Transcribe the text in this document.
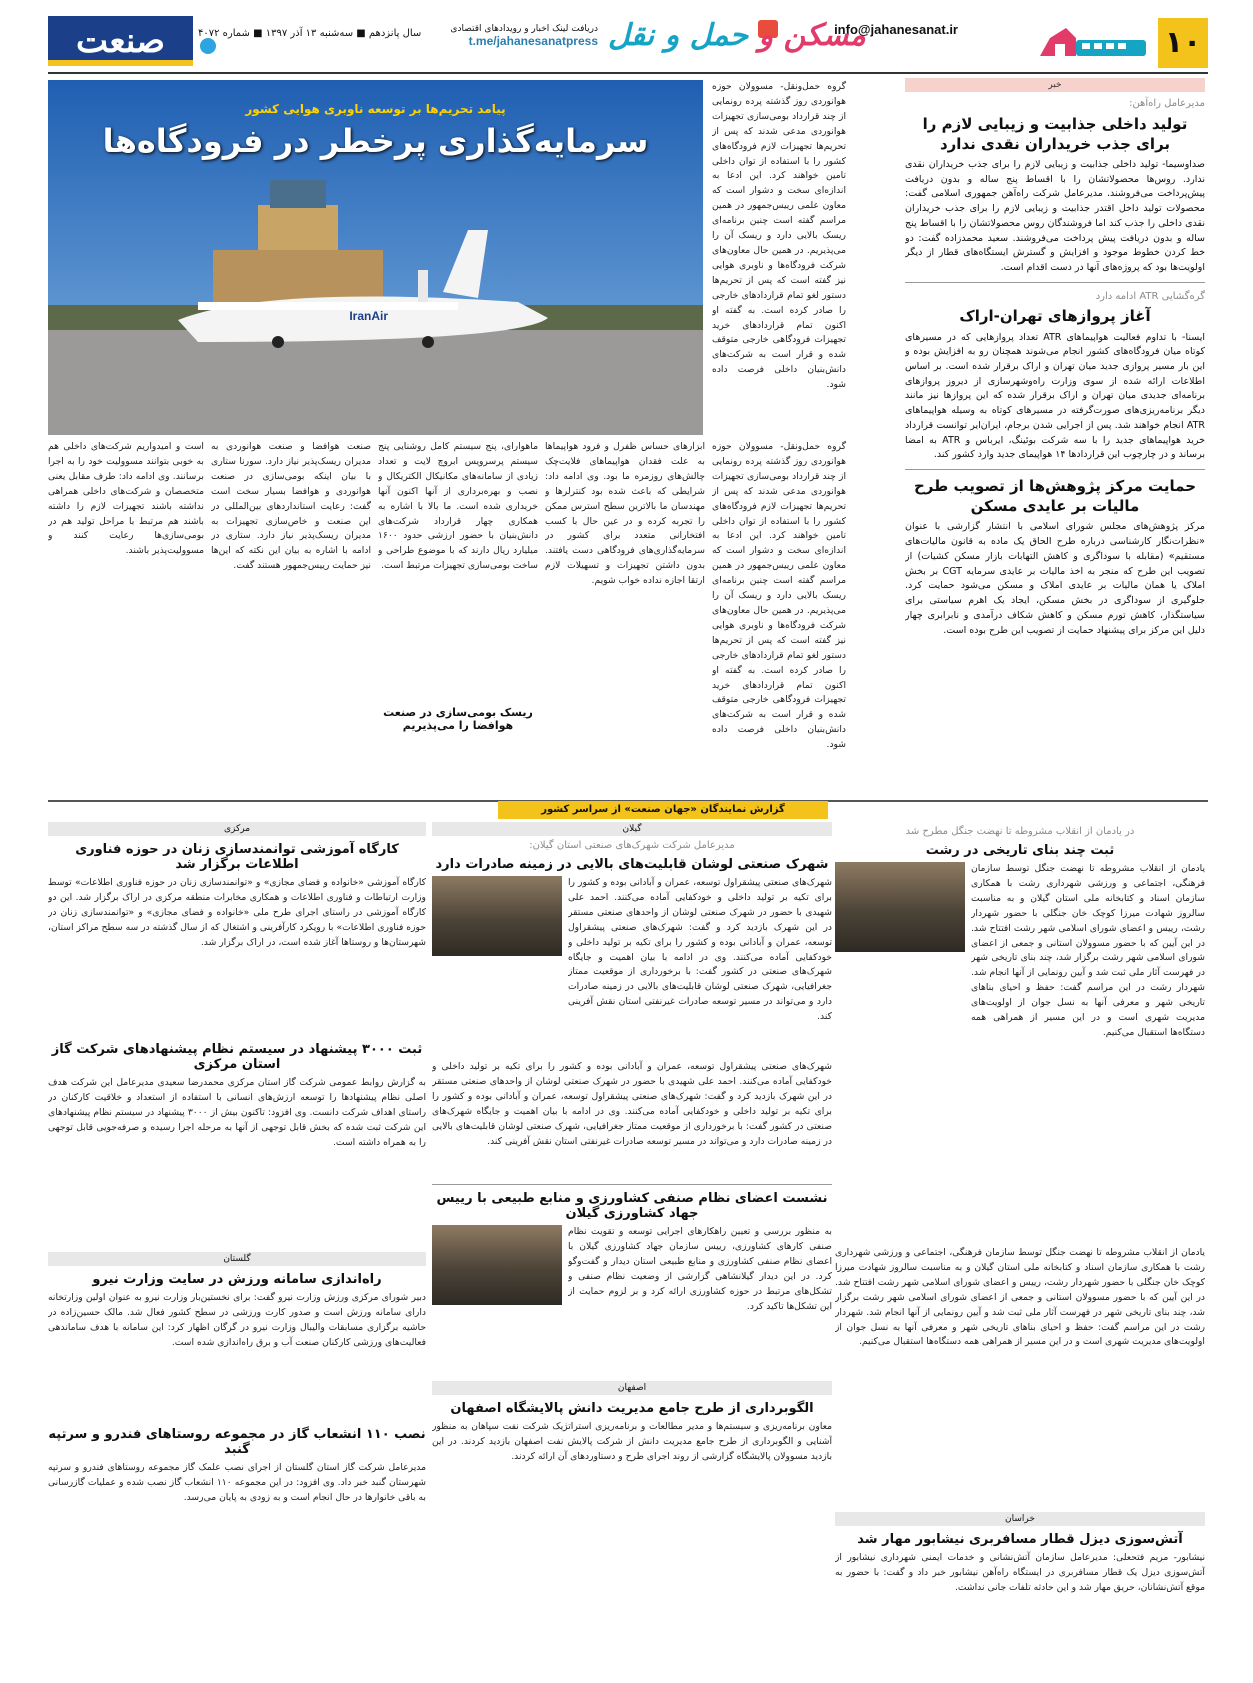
۱۰
info@jahanesanat.ir
مسکن و حمل و نقل
دریافت لینک اخبار و رویدادهای اقتصادی
t.me/jahanesanatpress
سال پانزدهم ■ سه‌شنبه ۱۳ آذر ۱۳۹۷ ■ شماره ۴۰۷۲
صنعت
خبر
مدیرعامل راه‌آهن:
تولید داخلی جذابیت و زیبایی لازم را برای جذب خریداران نقدی ندارد

صداوسیما- تولید داخلی جذابیت و زیبایی لازم را برای جذب خریداران نقدی ندارد. روس‌ها محصولاتشان را با اقساط پنج ساله و بدون دریافت پیش‌پرداخت می‌فروشند. مدیرعامل شرکت راه‌آهن جمهوری اسلامی گفت: محصولات تولید داخل اقتدر جذابیت و زیبایی لازم را برای جذب خریداران نقدی داخلی را جذب کند اما فروشندگان روس محصولاتشان را با اقساط پنج ساله و بدون دریافت پیش پرداخت می‌فروشند. سعید محمدزاده گفت: دو خط کردن خطوط موجود و افزایش و گسترش ایستگاه‌های قطار از دیگر اولویت‌ها بود که پروژه‌های آنها در دست اقدام است.

گره‌گشایی ATR ادامه دارد
آغاز پروازهای تهران-اراک

ایسنا- با تداوم فعالیت هواپیماهای ATR تعداد پروازهایی که در مسیرهای کوتاه میان فرودگاه‌های کشور انجام می‌شوند همچنان رو به افزایش بوده و این بار مسیر پروازی جدید میان تهران و اراک برقرار شده است. بر اساس اطلاعات ارائه شده از سوی وزارت راه‌وشهرسازی از دیروز پروازهای برنامه‌ای جدیدی میان تهران و اراک برقرار شده که این پروازها نیز مانند دیگر برنامه‌ریزی‌های صورت‌گرفته در مسیرهای کوتاه به وسیله هواپیماهای ATR انجام خواهند شد. پس از اجرایی شدن برجام، ایران‌ایر توانست قرارداد خرید هواپیماهای جدید را با سه شرکت بوئینگ، ایرباس و ATR به امضا برساند و در چارچوب این قراردادها ۱۴ هواپیمای جدید وارد کشور کند.

حمایت مرکز پژوهش‌ها از تصویب طرح مالیات بر عایدی مسکن

مرکز پژوهش‌های مجلس شورای اسلامی با انتشار گزارشی با عنوان «نظرات‌نگار کارشناسی درباره طرح الحاق یک ماده به قانون مالیات‌های مستقیم» (مقابله با سوداگری و کاهش التهابات بازار مسکن کشیات) از تصویب این طرح که منجر به اخذ مالیات بر عایدی سرمایه CGT بر بخش املاک یا همان مالیات بر عایدی املاک و مسکن می‌شود حمایت کرد. جلوگیری از سوداگری در بخش مسکن، ایجاد یک اهرم سیاستی برای سیاستگذار، کاهش تورم مسکن و کاهش شکاف درآمدی و نابرابری چهار دلیل این مرکز برای پیشنهاد حمایت از تصویب این طرح بوده است.

IranAir
پیامد تحریم‌ها بر توسعه ناوبری هوایی کشور
سرمایه‌گذاری پرخطر در فرودگاه‌ها
گروه حمل‌ونقل- مسوولان حوزه هوانوردی روز گذشته پرده رونمایی از چند قرارداد بومی‌سازی تجهیزات هوانوردی مدعی شدند که پس از تحریم‌ها تجهیزات لازم فرودگاه‌های کشور را با استفاده از توان داخلی تامین خواهند کرد. این ادعا به اندازه‌ای سخت و دشوار است که معاون علمی رییس‌جمهور در همین مراسم گفته است چنین برنامه‌ای ریسک بالایی دارد و ریسک آن را می‌پذیریم. در همین حال معاون‌های شرکت فرودگاه‌ها و ناوبری هوایی نیز گفته است که پس از تحریم‌ها دستور لغو تمام قراردادهای خارجی را صادر کرده است. به گفته او اکنون تمام قراردادهای خرید تجهیزات فرودگاهی خارجی متوقف شده و قرار است به شرکت‌های دانش‌بنیان داخلی فرصت داده شود.
گروه حمل‌ونقل- مسوولان حوزه هوانوردی روز گذشته پرده رونمایی از چند قرارداد بومی‌سازی تجهیزات هوانوردی مدعی شدند که پس از تحریم‌ها تجهیزات لازم فرودگاه‌های کشور را با استفاده از توان داخلی تامین خواهند کرد. این ادعا به اندازه‌ای سخت و دشوار است که معاون علمی رییس‌جمهور در همین مراسم گفته است چنین برنامه‌ای ریسک بالایی دارد و ریسک آن را می‌پذیریم. در همین حال معاون‌های شرکت فرودگاه‌ها و ناوبری هوایی نیز گفته است که پس از تحریم‌ها دستور لغو تمام قراردادهای خارجی را صادر کرده است. به گفته او اکنون تمام قراردادهای خرید تجهیزات فرودگاهی خارجی متوقف شده و قرار است به شرکت‌های دانش‌بنیان داخلی فرصت داده شود.
ابزارهای حساس ظفرل و فرود هواپیماها به علت فقدان هواپیماهای فلایت‌چک چالش‌های روزمره ما بود. وی ادامه داد: شرایطی که باعث شده بود کنترلرها و مهندسان ما بالاترین سطح استرس ممکن را تجربه کرده و در عین حال با کسب افتخارانی متعدد برای کشور در سرمایه‌گذاری‌های فرودگاهی دست یافتند. بدون داشتن تجهیزات و تسهیلات لازم ارتقا اجازه نداده خواب شویم.
ماهوارای، پنج سیستم کامل روشنایی پنج سیستم پرسرویس ابروچ لایت و تعداد زیادی از سامانه‌های مکانیکال الکتریکال و نصب و بهره‌برداری از آنها اکنون آنها خریداری شده است. ما بالا با اشاره به همکاری چهار قرارداد شرکت‌های دانش‌بنیان با حضور ارزشی حدود ۱۶۰۰ میلیارد ریال دارند که با موضوع طراحی و ساخت بومی‌سازی تجهیزات مرتبط است.
ریسک بومی‌سازی در صنعت هوافضا را می‌پذیریم
صنعت هوافضا و صنعت هوانوردی به مدیران ریسک‌پذیر نیاز دارد. سورنا ستاری با بیان اینکه بومی‌سازی در صنعت هوانوردی و هوافضا بسیار سخت است گفت: رعایت استانداردهای بین‌المللی در این صنعت و خاص‌سازی تجهیزات به مدیران ریسک‌پذیر نیاز دارد. ستاری در ادامه با اشاره به بیان این نکته که این‌ها نیز حمایت رییس‌جمهور هستند گفت.
است و امیدواریم شرکت‌های داخلی هم به خوبی بتوانند مسوولیت خود را به اجرا برسانند. وی ادامه داد: طرف مقابل یعنی متخصصان و شرکت‌های داخلی همراهی نداشته باشند تجهیزات لازم را داشته باشند هم مرتبط با مراحل تولید هم در بومی‌سازی‌ها رعایت کنند و مسوولیت‌پذیر باشند.
گزارش نمایندگان «جهان صنعت» از سراسر کشور
در یادمان از انقلاب مشروطه تا نهضت جنگل مطرح شد
ثبت چند بنای تاریخی در رشت
یادمان از انقلاب مشروطه تا نهضت جنگل توسط سازمان فرهنگی، اجتماعی و ورزشی شهرداری رشت با همکاری سازمان اسناد و کتابخانه ملی استان گیلان و به مناسبت سالروز شهادت میرزا کوچک خان جنگلی با حضور شهردار رشت، رییس و اعضای شورای اسلامی شهر رشت افتتاح شد. در این آیین که با حضور مسوولان استانی و جمعی از اعضای شورای اسلامی شهر رشت برگزار شد، چند بنای تاریخی شهر در فهرست آثار ملی ثبت شد و آیین رونمایی از آنها انجام شد. شهردار رشت در این مراسم گفت: حفظ و احیای بناهای تاریخی شهر و معرفی آنها به نسل جوان از اولویت‌های مدیریت شهری است و در این مسیر از همراهی همه دستگاه‌ها استقبال می‌کنیم.
یادمان از انقلاب مشروطه تا نهضت جنگل توسط سازمان فرهنگی، اجتماعی و ورزشی شهرداری رشت با همکاری سازمان اسناد و کتابخانه ملی استان گیلان و به مناسبت سالروز شهادت میرزا کوچک خان جنگلی با حضور شهردار رشت، رییس و اعضای شورای اسلامی شهر رشت افتتاح شد. در این آیین که با حضور مسوولان استانی و جمعی از اعضای شورای اسلامی شهر رشت برگزار شد، چند بنای تاریخی شهر در فهرست آثار ملی ثبت شد و آیین رونمایی از آنها انجام شد. شهردار رشت در این مراسم گفت: حفظ و احیای بناهای تاریخی شهر و معرفی آنها به نسل جوان از اولویت‌های مدیریت شهری است و در این مسیر از همراهی همه دستگاه‌ها استقبال می‌کنیم.
خراسان
آتش‌سوزی دیزل قطار مسافربری نیشابور مهار شد
نیشابور- مریم فتحعلی: مدیرعامل سازمان آتش‌نشانی و خدمات ایمنی شهرداری نیشابور از آتش‌سوزی دیزل یک قطار مسافربری در ایستگاه راه‌آهن نیشابور خبر داد و گفت: با حضور به موقع آتش‌نشانان، حریق مهار شد و این حادثه تلفات جانی نداشت.
گیلان
مدیرعامل شرکت شهرک‌های صنعتی استان گیلان:
شهرک صنعتی لوشان قابلیت‌های بالایی در زمینه صادرات دارد
شهرک‌های صنعتی پیشقراول توسعه، عمران و آبادانی بوده و کشور را برای تکیه بر تولید داخلی و خودکفایی آماده می‌کنند. احمد علی شهیدی با حضور در شهرک صنعتی لوشان از واحدهای صنعتی مستقر در این شهرک بازدید کرد و گفت: شهرک‌های صنعتی پیشقراول توسعه، عمران و آبادانی بوده و کشور را برای تکیه بر تولید داخلی و خودکفایی آماده می‌کنند. وی در ادامه با بیان اهمیت و جایگاه شهرک‌های صنعتی در کشور گفت: با برخورداری از موقعیت ممتاز جغرافیایی، شهرک صنعتی لوشان قابلیت‌های بالایی در زمینه صادرات دارد و می‌تواند در مسیر توسعه صادرات غیرنفتی استان نقش آفرینی کند.
شهرک‌های صنعتی پیشقراول توسعه، عمران و آبادانی بوده و کشور را برای تکیه بر تولید داخلی و خودکفایی آماده می‌کنند. احمد علی شهیدی با حضور در شهرک صنعتی لوشان از واحدهای صنعتی مستقر در این شهرک بازدید کرد و گفت: شهرک‌های صنعتی پیشقراول توسعه، عمران و آبادانی بوده و کشور را برای تکیه بر تولید داخلی و خودکفایی آماده می‌کنند. وی در ادامه با بیان اهمیت و جایگاه شهرک‌های صنعتی در کشور گفت: با برخورداری از موقعیت ممتاز جغرافیایی، شهرک صنعتی لوشان قابلیت‌های بالایی در زمینه صادرات دارد و می‌تواند در مسیر توسعه صادرات غیرنفتی استان نقش آفرینی کند.
نشست اعضای نظام صنفی کشاورزی و منابع طبیعی با رییس جهاد کشاورزی گیلان
به منظور بررسی و تعیین راهکارهای اجرایی توسعه و تقویت نظام صنفی کارهای کشاورزی، رییس سازمان جهاد کشاورزی گیلان با اعضای نظام صنفی کشاورزی و منابع طبیعی استان دیدار و گفت‌وگو کرد. در این دیدار گیلانشاهی گزارشی از وضعیت نظام صنفی و تشکل‌های مرتبط در حوزه کشاورزی ارائه کرد و بر لزوم حمایت از این تشکل‌ها تاکید کرد.
اصفهان
الگوبرداری از طرح جامع مدیریت دانش پالایشگاه اصفهان
معاون برنامه‌ریزی و سیستم‌ها و مدیر مطالعات و برنامه‌ریزی استراتژیک شرکت نفت سپاهان به منظور آشنایی و الگوبرداری از طرح جامع مدیریت دانش از شرکت پالایش نفت اصفهان بازدید کردند. در این بازدید مسوولان پالایشگاه گزارشی از روند اجرای طرح و دستاوردهای آن ارائه کردند.
مرکزی
کارگاه آموزشی توانمندسازی زنان در حوزه فناوری اطلاعات برگزار شد
کارگاه آموزشی «خانواده و فضای مجازی» و «توانمندسازی زنان در حوزه فناوری اطلاعات» توسط وزارت ارتباطات و فناوری اطلاعات و همکاری مخابرات منطقه مرکزی در اراک برگزار شد. این دو کارگاه آموزشی در راستای اجرای طرح ملی «خانواده و فضای مجازی» و «توانمندسازی زنان در حوزه فناوری اطلاعات» با رویکرد کارآفرینی و اشتغال که از سال گذشته در سه سطح مراکز استان، شهرستان‌ها و روستاها آغاز شده است، در اراک برگزار شد.
ثبت ۳۰۰۰ پیشنهاد در سیستم نظام پیشنهادهای شرکت گاز استان مرکزی
به گزارش روابط عمومی شرکت گاز استان مرکزی محمدرضا سعیدی مدیرعامل این شرکت هدف اصلی نظام پیشنهادها را توسعه ارزش‌های انسانی با استفاده از استعداد و خلاقیت کارکنان در راستای اهداف شرکت دانست. وی افزود: تاکنون بیش از ۳۰۰۰ پیشنهاد در سیستم نظام پیشنهادهای این شرکت ثبت شده که بخش قابل توجهی از آنها به مرحله اجرا رسیده و صرفه‌جویی قابل توجهی را به همراه داشته است.
گلستان
راه‌اندازی سامانه ورزش در سایت وزارت نیرو
دبیر شورای مرکزی ورزش وزارت نیرو گفت: برای نخستین‌بار وزارت نیرو به عنوان اولین وزارتخانه دارای سامانه ورزش است و صدور کارت ورزشی در سطح کشور فعال شد. مالک حسین‌زاده در حاشیه برگزاری مسابقات والیبال وزارت نیرو در گرگان اظهار کرد: این سامانه با هدف ساماندهی فعالیت‌های ورزشی کارکنان صنعت آب و برق راه‌اندازی شده است.
نصب ۱۱۰ انشعاب گاز در مجموعه روستاهای فندرو و سرتپه گنبد
مدیرعامل شرکت گاز استان گلستان از اجرای نصب علمک گاز مجموعه روستاهای فندرو و سرتپه شهرستان گنبد خبر داد. وی افزود: در این مجموعه ۱۱۰ انشعاب گاز نصب شده و عملیات گازرسانی به باقی خانوارها در حال انجام است و به زودی به پایان می‌رسد.
